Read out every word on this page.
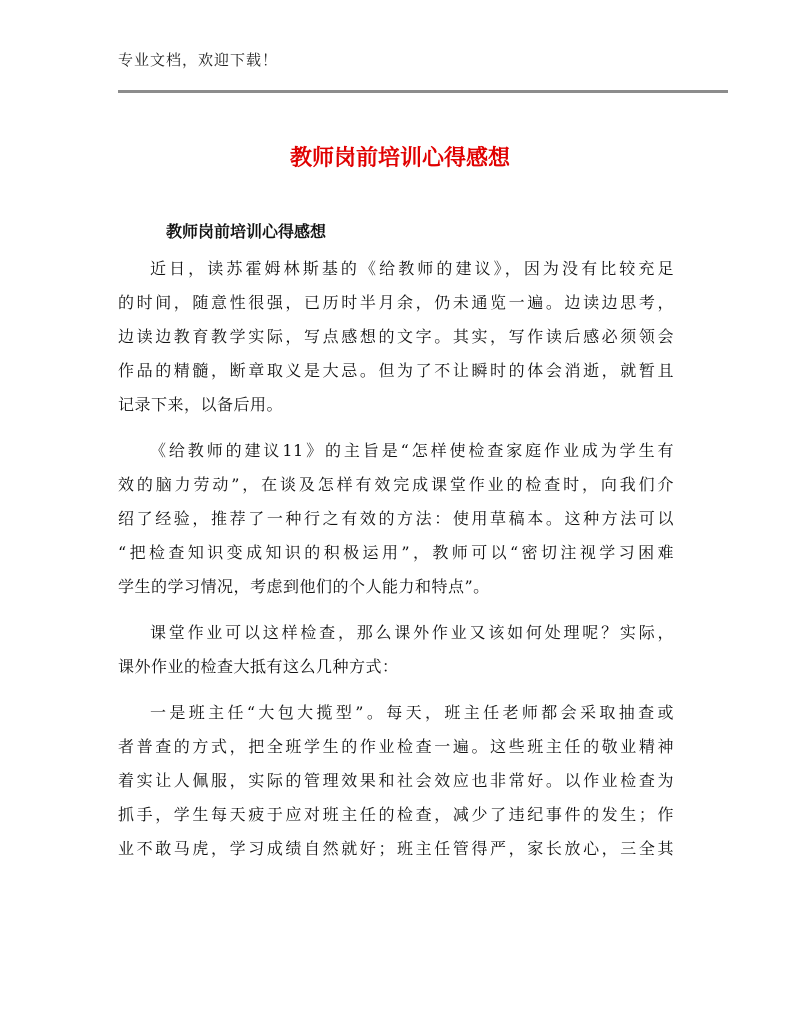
专业文档，欢迎下载！
教师岗前培训心得感想
教师岗前培训心得感想
近日，读苏霍姆林斯基的《给教师的建议》，因为没有比较充足
的时间，随意性很强，已历时半月余，仍未通览一遍。边读边思考，
边读边教育教学实际，写点感想的文字。其实，写作读后感必须领会
作品的精髓，断章取义是大忌。但为了不让瞬时的体会消逝，就暂且
记录下来，以备后用。
《给教师的建议11》的主旨是“怎样使检查家庭作业成为学生有
效的脑力劳动”，在谈及怎样有效完成课堂作业的检查时，向我们介
绍了经验，推荐了一种行之有效的方法：使用草稿本。这种方法可以
“把检查知识变成知识的积极运用”，教师可以“密切注视学习困难
学生的学习情况，考虑到他们的个人能力和特点”。
课堂作业可以这样检查，那么课外作业又该如何处理呢？实际，
课外作业的检查大抵有这么几种方式：
一是班主任“大包大揽型”。每天，班主任老师都会采取抽查或
者普查的方式，把全班学生的作业检查一遍。这些班主任的敬业精神
着实让人佩服，实际的管理效果和社会效应也非常好。以作业检查为
抓手，学生每天疲于应对班主任的检查，减少了违纪事件的发生；作
业不敢马虎，学习成绩自然就好；班主任管得严，家长放心，三全其
